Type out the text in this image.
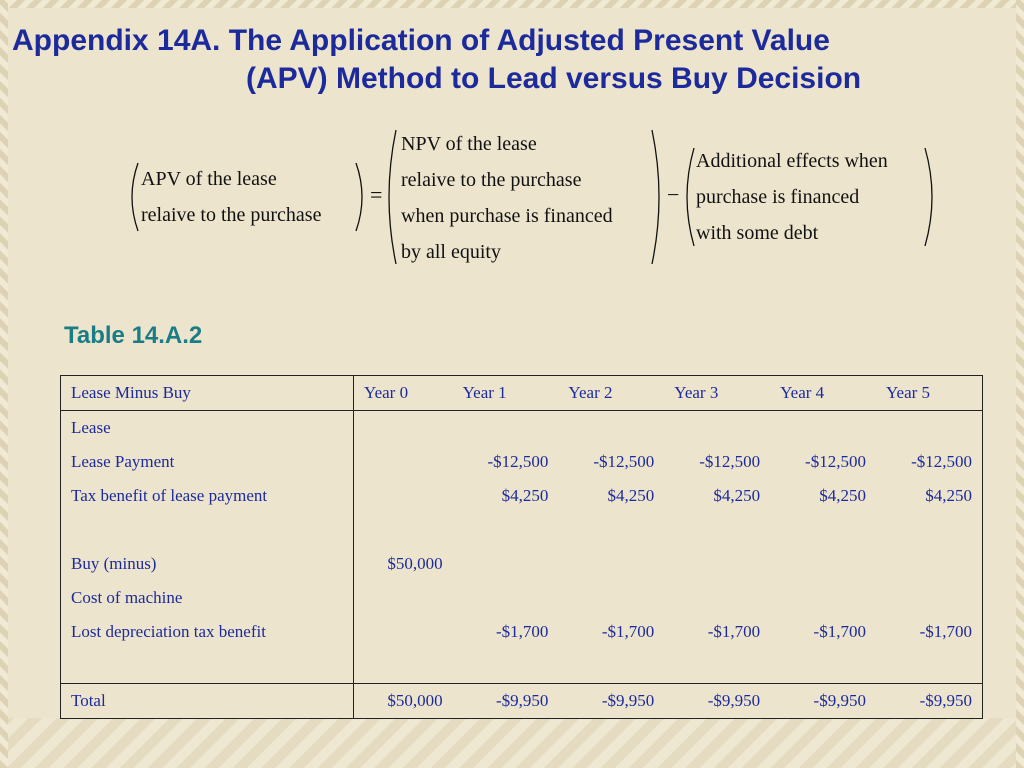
Appendix 14A. The Application of Adjusted Present Value
(APV) Method to Lead versus Buy Decision
APV of the lease
relaive to the purchase
=
NPV of the lease
relaive to the purchase
when purchase is financed
by all equity
−
Additional effects when
purchase is financed
with some debt
Table 14.A.2
Lease Minus Buy	Year 0	Year 1	Year 2	Year 3	Year 4	Year 5
Lease						
Lease Payment		-$12,500	-$12,500	-$12,500	-$12,500	-$12,500
Tax benefit of lease payment		$4,250	$4,250	$4,250	$4,250	$4,250

Buy (minus)	$50,000					
Cost of machine						
Lost depreciation tax benefit		-$1,700	-$1,700	-$1,700	-$1,700	-$1,700

Total	$50,000	-$9,950	-$9,950	-$9,950	-$9,950	-$9,950
